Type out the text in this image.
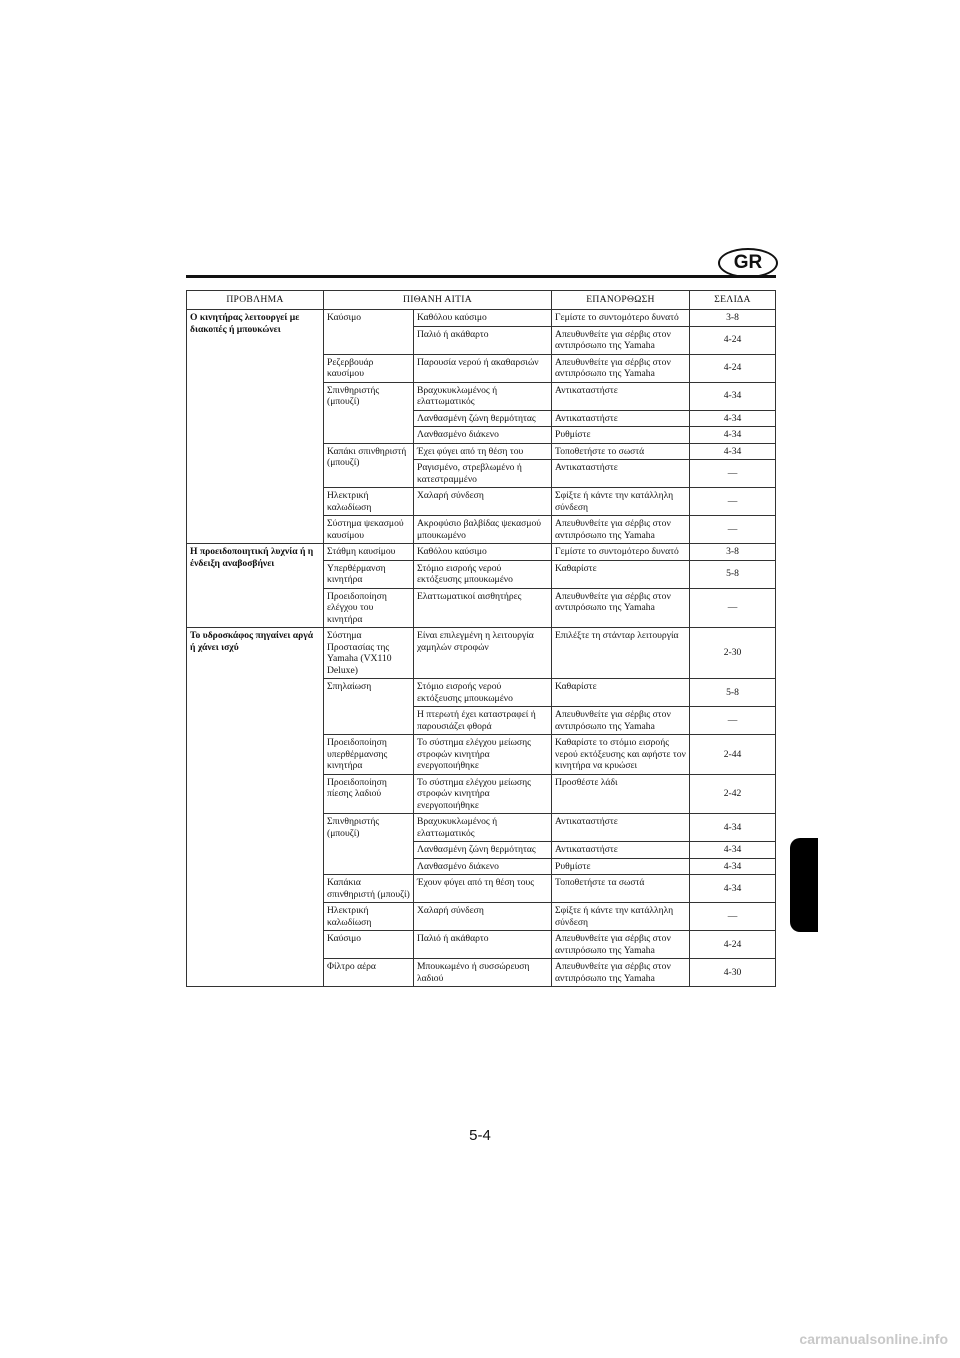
GR
ΠΡΟΒΛΗΜΑ	ΠΙΘΑΝΗ ΑΙΤΙΑ		ΕΠΑΝΟΡΘΩΣΗ	ΣΕΛΙΔΑ
Ο κινητήρας λειτουργεί με διακοπές ή μπουκώνει	Καύσιμο	Καθόλου καύσιμο	Γεμίστε το συντομότερο δυνατό	3-8
		Παλιό ή ακάθαρτο	Απευθυνθείτε για σέρβις στον αντιπρόσωπο της Yamaha	4-24
	Ρεζερβουάρ καυσίμου	Παρουσία νερού ή ακαθαρσιών	Απευθυνθείτε για σέρβις στον αντιπρόσωπο της Yamaha	4-24
	Σπινθηριστής (μπουζί)	Βραχυκυκλωμένος ή ελαττωματικός	Αντικαταστήστε	4-34
		Λανθασμένη ζώνη θερμότητας	Αντικαταστήστε	4-34
		Λανθασμένο διάκενο	Ρυθμίστε	4-34
	Καπάκι σπινθηριστή (μπουζί)	Έχει φύγει από τη θέση του	Τοποθετήστε το σωστά	4-34
		Ραγισμένο, στρεβλωμένο ή κατεστραμμένο	Αντικαταστήστε	—
	Ηλεκτρική καλωδίωση	Χαλαρή σύνδεση	Σφίξτε ή κάντε την κατάλληλη σύνδεση	—
	Σύστημα ψεκασμού καυσίμου	Ακροφύσιο βαλβίδας ψεκασμού μπουκωμένο	Απευθυνθείτε για σέρβις στον αντιπρόσωπο της Yamaha	—
Η προειδοποιητική λυχνία ή η ένδειξη αναβοσβήνει	Στάθμη καυσίμου	Καθόλου καύσιμο	Γεμίστε το συντομότερο δυνατό	3-8
	Υπερθέρμανση κινητήρα	Στόμιο εισροής νερού εκτόξευσης μπουκωμένο	Καθαρίστε	5-8
	Προειδοποίηση ελέγχου του κινητήρα	Ελαττωματικοί αισθητήρες	Απευθυνθείτε για σέρβις στον αντιπρόσωπο της Yamaha	—
Το υδροσκάφος πηγαίνει αργά ή χάνει ισχύ	Σύστημα Προστασίας της Yamaha (VX110 Deluxe)	Είναι επιλεγμένη η λειτουργία χαμηλών στροφών	Επιλέξτε τη στάνταρ λειτουργία	2-30
	Σπηλαίωση	Στόμιο εισροής νερού εκτόξευσης μπουκωμένο	Καθαρίστε	5-8
		Η πτερωτή έχει καταστραφεί ή παρουσιάζει φθορά	Απευθυνθείτε για σέρβις στον αντιπρόσωπο της Yamaha	—
	Προειδοποίηση υπερθέρμανσης κινητήρα	Το σύστημα ελέγχου μείωσης στροφών κινητήρα ενεργοποιήθηκε	Καθαρίστε το στόμιο εισροής νερού εκτόξευσης και αφήστε τον κινητήρα να κρυώσει	2-44
	Προειδοποίηση πίεσης λαδιού	Το σύστημα ελέγχου μείωσης στροφών κινητήρα ενεργοποιήθηκε	Προσθέστε λάδι	2-42
	Σπινθηριστής (μπουζί)	Βραχυκυκλωμένος ή ελαττωματικός	Αντικαταστήστε	4-34
		Λανθασμένη ζώνη θερμότητας	Αντικαταστήστε	4-34
		Λανθασμένο διάκενο	Ρυθμίστε	4-34
	Καπάκια σπινθηριστή (μπουζί)	Έχουν φύγει από τη θέση τους	Τοποθετήστε τα σωστά	4-34
	Ηλεκτρική καλωδίωση	Χαλαρή σύνδεση	Σφίξτε ή κάντε την κατάλληλη σύνδεση	—
	Καύσιμο	Παλιό ή ακάθαρτο	Απευθυνθείτε για σέρβις στον αντιπρόσωπο της Yamaha	4-24
	Φίλτρο αέρα	Μπουκωμένο ή συσσώρευση λαδιού	Απευθυνθείτε για σέρβις στον αντιπρόσωπο της Yamaha	4-30
5-4
carmanualsonline.info
